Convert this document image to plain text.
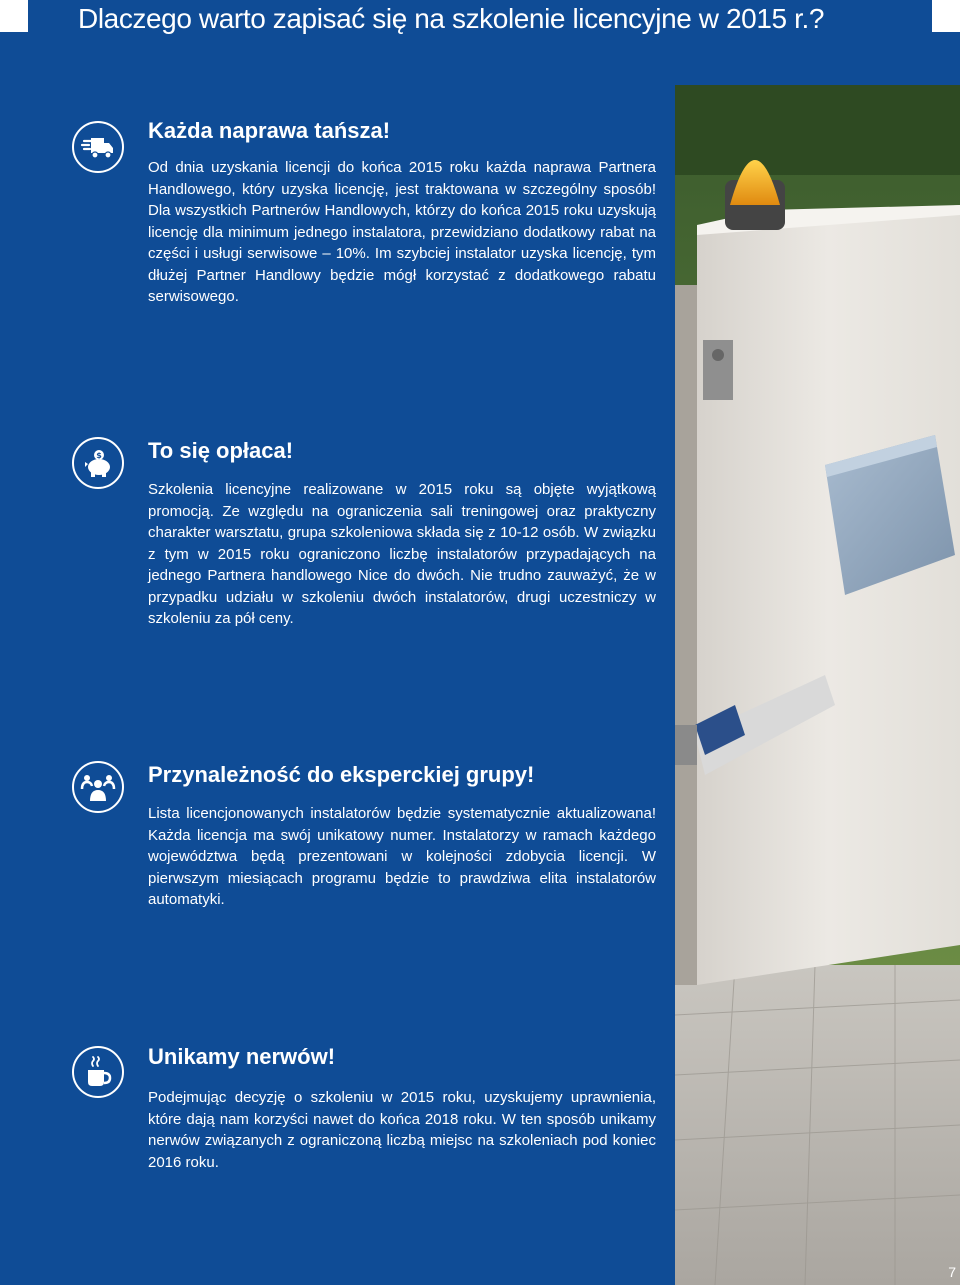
Dlaczego warto zapisać się na szkolenie licencyjne w 2015 r.?
Każda naprawa tańsza!

Od dnia uzyskania licencji do końca 2015 roku każda naprawa Partnera Handlowego, który uzyska licencję, jest traktowana w szczególny sposób! Dla wszystkich Partnerów Handlowych, którzy do końca 2015 roku uzyskują licencję dla minimum jednego instalatora, przewidziano dodatkowy rabat na części i usługi serwisowe – 10%. Im szybciej instalator uzyska licencję, tym dłużej Partner Handlowy będzie mógł korzystać z dodatkowego rabatu serwisowego.

$ To się opłaca!

Szkolenia licencyjne realizowane w 2015 roku są objęte wyjątkową promocją. Ze względu na ograniczenia sali treningowej oraz praktyczny charakter warsztatu, grupa szkoleniowa składa się z 10-12 osób. W związku z tym w 2015 roku ograniczono liczbę instalatorów przypadających na jednego Partnera handlowego Nice do dwóch. Nie trudno zauważyć, że w przypadku udziału w szkoleniu dwóch instalatorów, drugi uczestniczy w szkoleniu za pół ceny.

Przynależność do eksperckiej grupy!

Lista licencjonowanych instalatorów będzie systematycznie aktualizowana! Każda licencja ma swój unikatowy numer. Instalatorzy w ramach każdego województwa będą prezentowani w kolejności zdobycia licencji. W pierwszym miesiącach programu będzie to prawdziwa elita instalatorów automatyki.

Unikamy nerwów!

Podejmując decyzję o szkoleniu w 2015 roku, uzyskujemy uprawnienia, które dają nam korzyści nawet do końca 2018 roku. W ten sposób unikamy nerwów związanych z ograniczoną liczbą miejsc na szkoleniach pod koniec 2016 roku.

7
